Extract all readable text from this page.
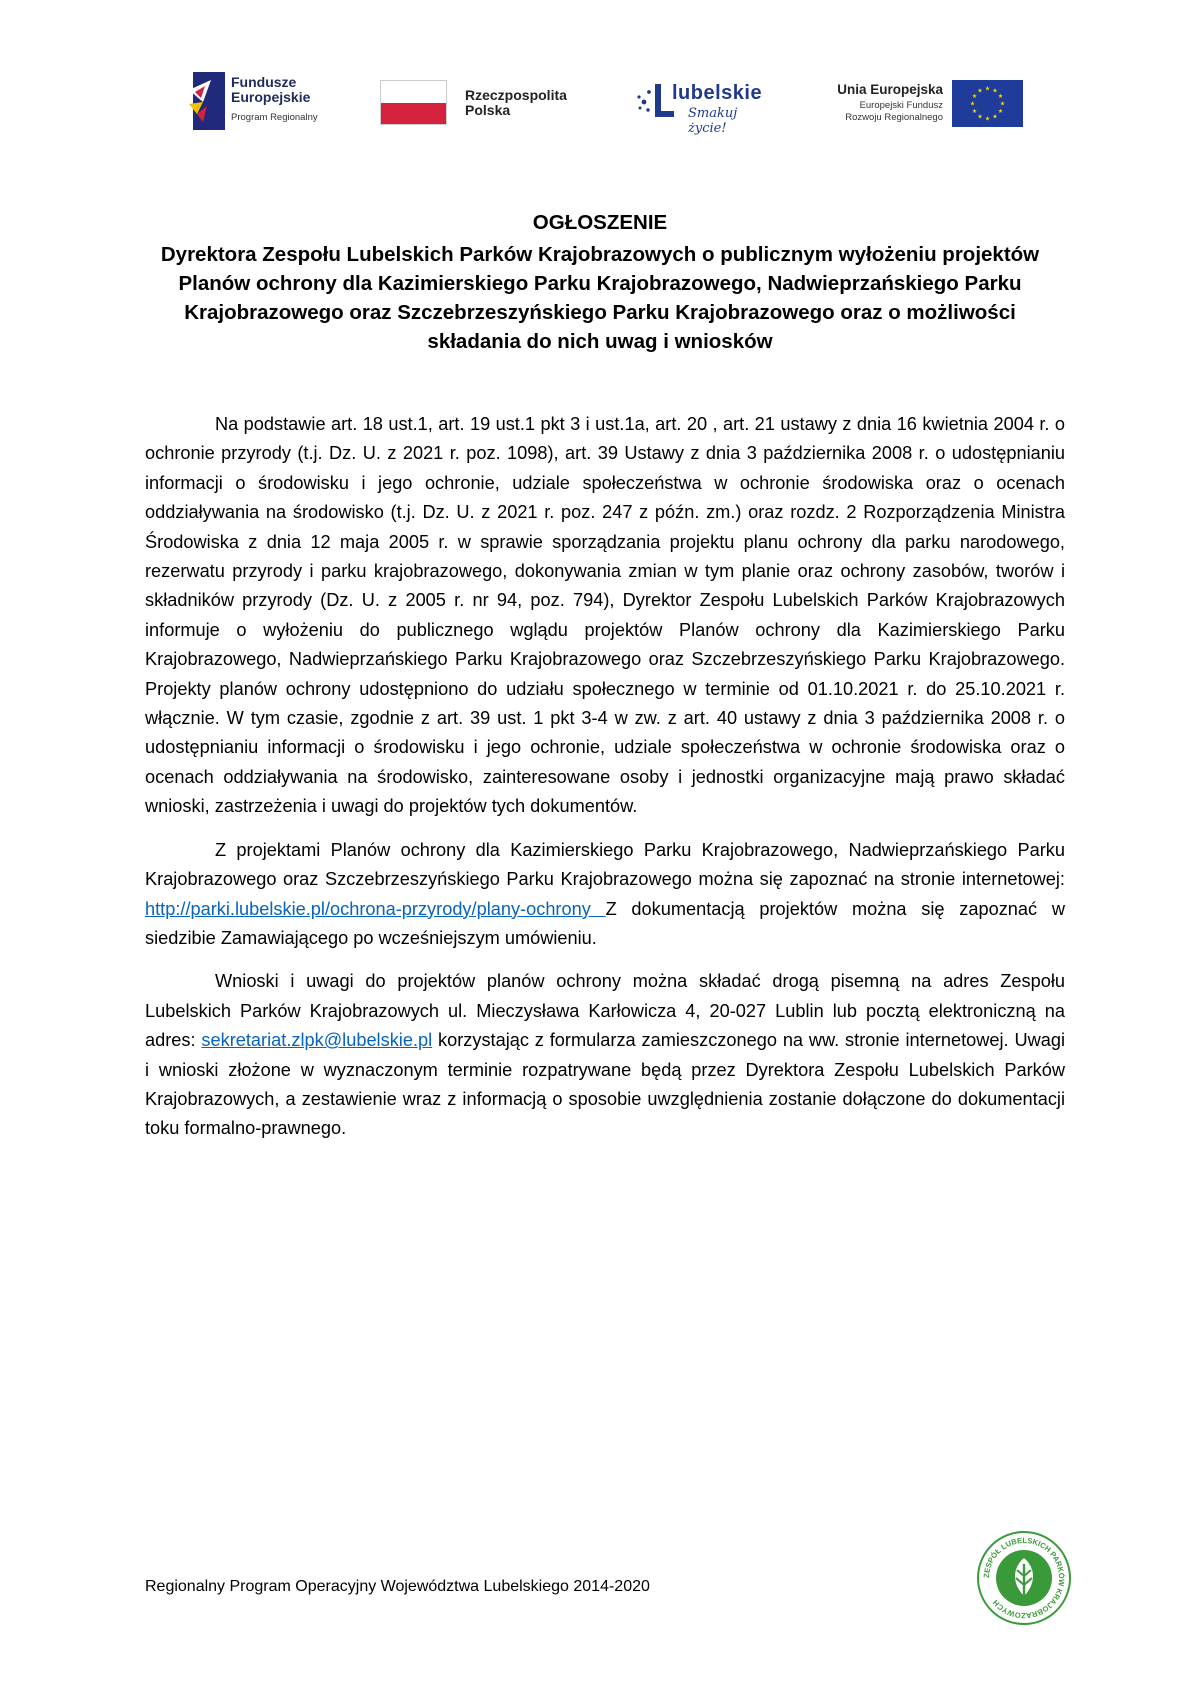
Fundusze
Europejskie
Program Regionalny
Rzeczpospolita
Polska
lubelskie
Smakuj życie!
Unia Europejska
Europejski Fundusz
Rozwoju Regionalnego
OGŁOSZENIE
Dyrektora Zespołu Lubelskich Parków Krajobrazowych o publicznym wyłożeniu projektów Planów ochrony dla Kazimierskiego Parku Krajobrazowego, Nadwieprzańskiego Parku Krajobrazowego oraz Szczebrzeszyńskiego Parku Krajobrazowego oraz o możliwości składania do nich uwag i wniosków

Na podstawie art. 18 ust.1, art. 19 ust.1 pkt 3 i ust.1a, art. 20 , art. 21 ustawy z dnia 16 kwietnia 2004 r. o ochronie przyrody (t.j. Dz. U. z 2021 r. poz. 1098), art. 39 Ustawy z dnia 3 października 2008 r. o udostępnianiu informacji o środowisku i jego ochronie, udziale społeczeństwa w ochronie środowiska oraz o ocenach oddziaływania na środowisko (t.j. Dz. U. z 2021 r. poz. 247 z późn. zm.) oraz rozdz. 2 Rozporządzenia Ministra Środowiska z dnia 12 maja 2005 r. w sprawie sporządzania projektu planu ochrony dla parku narodowego, rezerwatu przyrody i parku krajobrazowego, dokonywania zmian w tym planie oraz ochrony zasobów, tworów i składników przyrody (Dz. U. z 2005 r. nr 94, poz. 794), Dyrektor Zespołu Lubelskich Parków Krajobrazowych informuje o wyłożeniu do publicznego wglądu projektów Planów ochrony dla Kazimierskiego Parku Krajobrazowego, Nadwieprzańskiego Parku Krajobrazowego oraz Szczebrzeszyńskiego Parku Krajobrazowego. Projekty planów ochrony udostępniono do udziału społecznego w terminie od 01.10.2021 r. do 25.10.2021 r. włącznie. W tym czasie, zgodnie z art. 39 ust. 1 pkt 3-4 w zw. z art. 40 ustawy z dnia 3 października 2008 r. o udostępnianiu informacji o środowisku i jego ochronie, udziale społeczeństwa w ochronie środowiska oraz o ocenach oddziaływania na środowisko, zainteresowane osoby i jednostki organizacyjne mają prawo składać wnioski, zastrzeżenia i uwagi do projektów tych dokumentów.

Z projektami Planów ochrony dla Kazimierskiego Parku Krajobrazowego, Nadwieprzańskiego Parku Krajobrazowego oraz Szczebrzeszyńskiego Parku Krajobrazowego można się zapoznać na stronie internetowej: http://parki.lubelskie.pl/ochrona-przyrody/plany-ochrony Z dokumentacją projektów można się zapoznać w siedzibie Zamawiającego po wcześniejszym umówieniu.

Wnioski i uwagi do projektów planów ochrony można składać drogą pisemną na adres Zespołu Lubelskich Parków Krajobrazowych ul. Mieczysława Karłowicza 4, 20-027 Lublin lub pocztą elektroniczną na adres: sekretariat.zlpk@lubelskie.pl korzystając z formularza zamieszczonego na ww. stronie internetowej. Uwagi i wnioski złożone w wyznaczonym terminie rozpatrywane będą przez Dyrektora Zespołu Lubelskich Parków Krajobrazowych, a zestawienie wraz z informacją o sposobie uwzględnienia zostanie dołączone do dokumentacji toku formalno-prawnego.

Regionalny Program Operacyjny Województwa Lubelskiego 2014-2020
ZESPÓŁ LUBELSKICH PARKÓW KRAJOBRAZOWYCH
